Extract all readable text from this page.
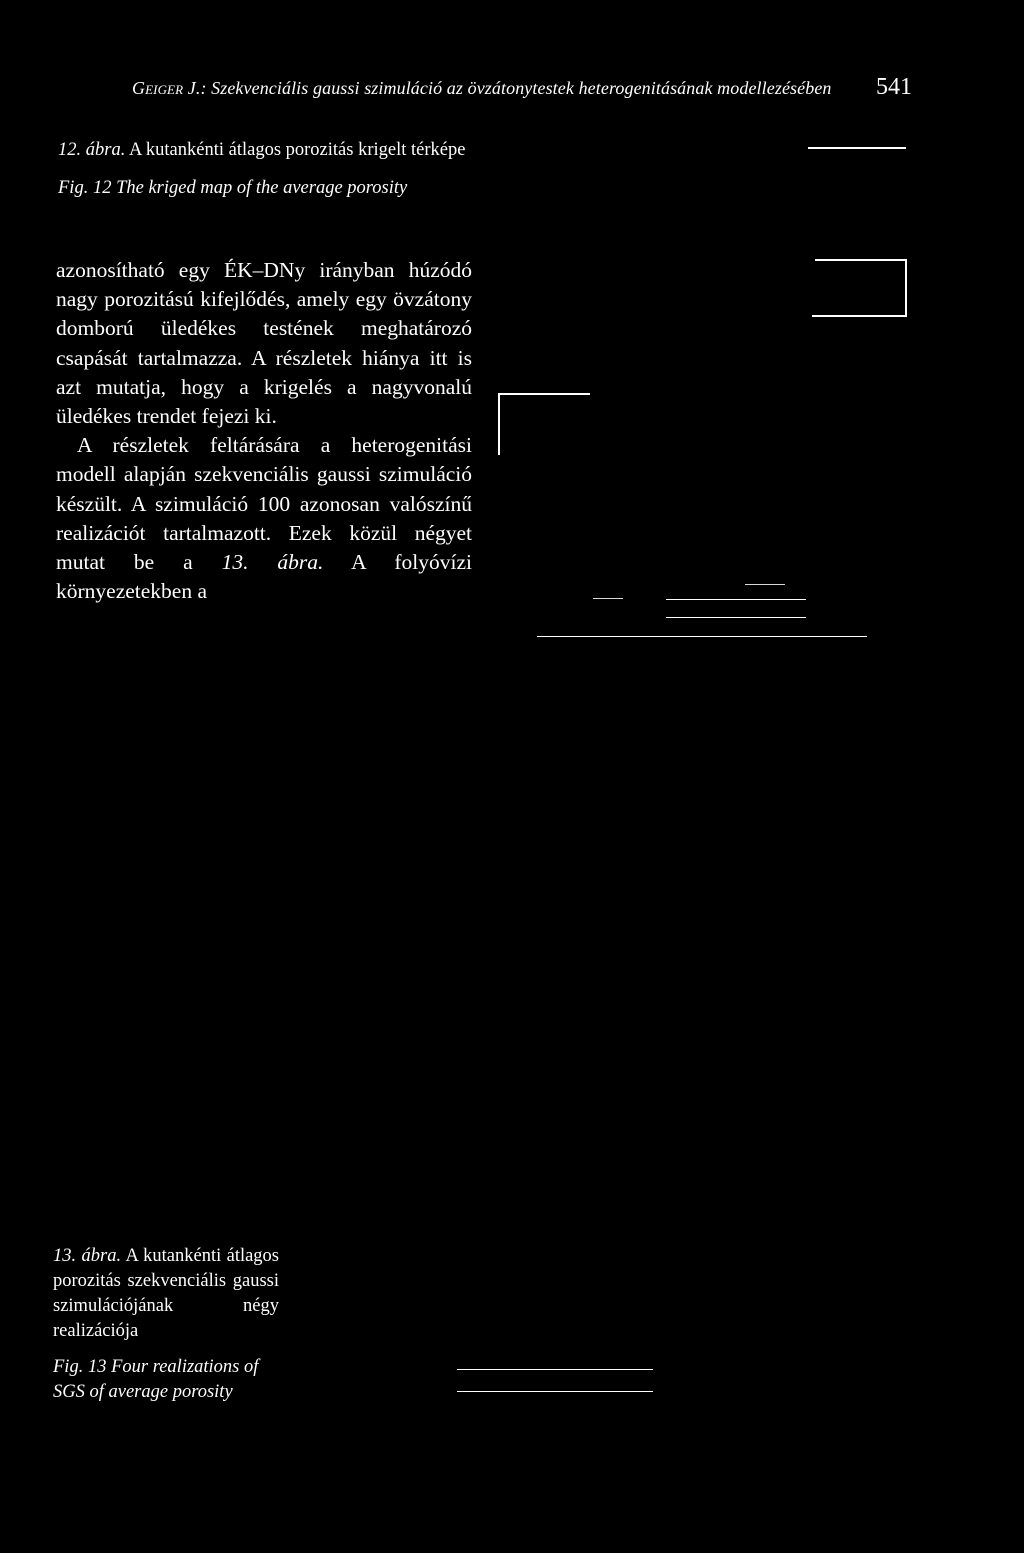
Geiger J.: Szekvenciális gaussi szimuláció az övzátonytestek heterogenitásának modellezésében 541
12. ábra. A kutankénti átlagos porozitás krigelt térképe
Fig. 12 The kriged map of the average porosity

azonosítható egy ÉK–DNy irányban húzódó nagy porozitású kifejlődés, amely egy övzátony domború üledékes testének meghatározó csapását tartalmazza. A részletek hiánya itt is azt mutatja, hogy a krigelés a nagyvonalú üledékes trendet fejezi ki.

A részletek feltárására a heterogenitási modell alapján szekvenciális gaussi szimuláció készült. A szimuláció 100 azonosan valószínű realizációt tartalmazott. Ezek közül négyet mutat be a 13. ábra. A folyóvízi környezetekben a

13. ábra. A kutankénti átlagos porozitás szekvenciális gaussi szimulációjának négy realizációja
Fig. 13 Four realizations of SGS of average porosity
